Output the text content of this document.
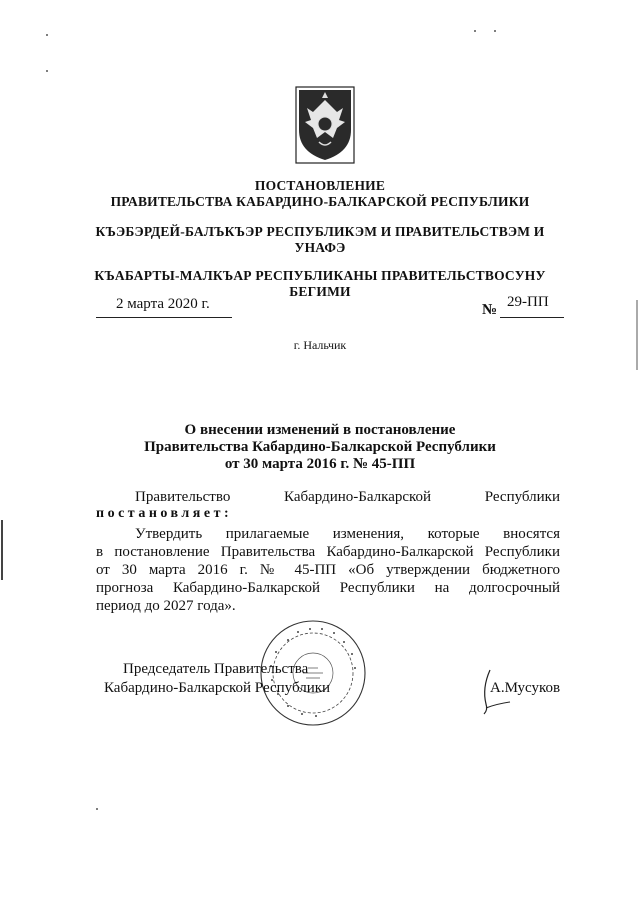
ПОСТАНОВЛЕНИЕ
ПРАВИТЕЛЬСТВА КАБАРДИНО-БАЛКАРСКОЙ РЕСПУБЛИКИ
КЪЭБЭРДЕЙ-БАЛЪКЪЭР РЕСПУБЛИКЭМ И ПРАВИТЕЛЬСТВЭМ И
УНАФЭ
КЪАБАРТЫ-МАЛКЪАР РЕСПУБЛИКАНЫ ПРАВИТЕЛЬСТВОСУНУ
БЕГИМИ
2 марта 2020 г.	№ 29-ПП
г. Нальчик
О внесении изменений в постановление
Правительства Кабардино-Балкарской Республики
от 30 марта 2016 г. № 45-ПП
Правительство Кабардино-Балкарской Республики
постановляет:
Утвердить прилагаемые изменения, которые вносятся
в постановление Правительства Кабардино-Балкарской Республики
от 30 марта 2016 г. № 45-ПП «Об утверждении бюджетного
прогноза Кабардино-Балкарской Республики на долгосрочный
период до 2027 года».
Председатель Правительства
Кабардино-Балкарской Республики	А.Мусуков
